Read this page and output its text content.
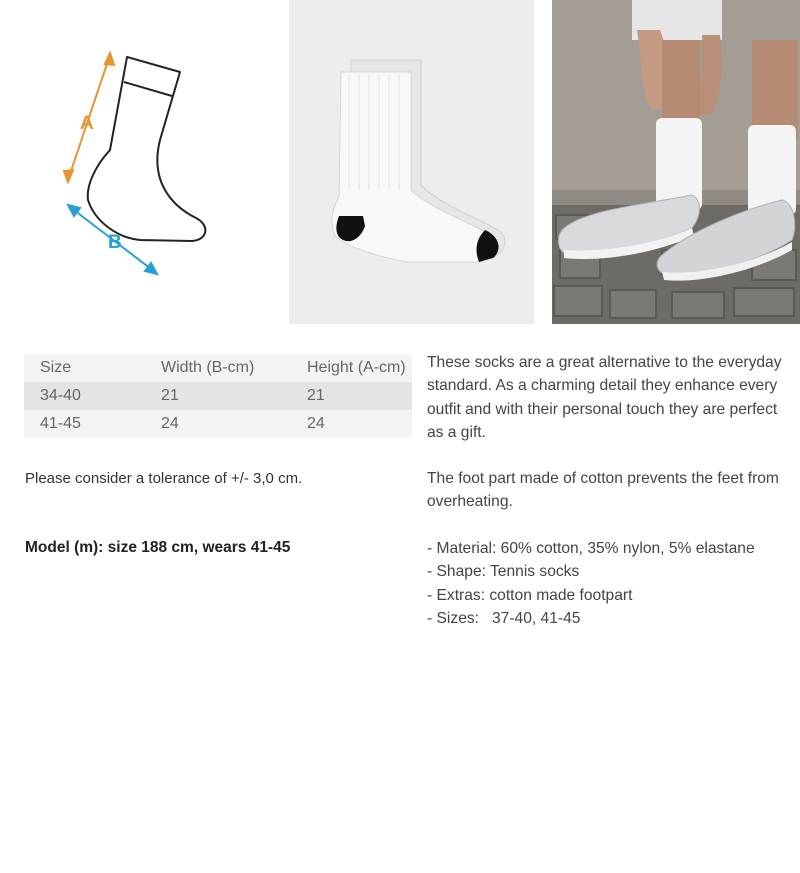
A
B
Size	Width (B-cm)	Height (A-cm)
34-40	21	21
41-45	24	24
Please consider a tolerance of +/- 3,0 cm.
Model (m): size 188 cm, wears 41-45

These socks are a great alternative to the everyday standard. As a charming detail they enhance every outfit and with their personal touch they are perfect as a gift.

The foot part made of cotton prevents the feet from overheating.

- Material: 60% cotton, 35% nylon, 5% elastane
- Shape: Tennis socks
- Extras: cotton made footpart
- Sizes:   37-40, 41-45
